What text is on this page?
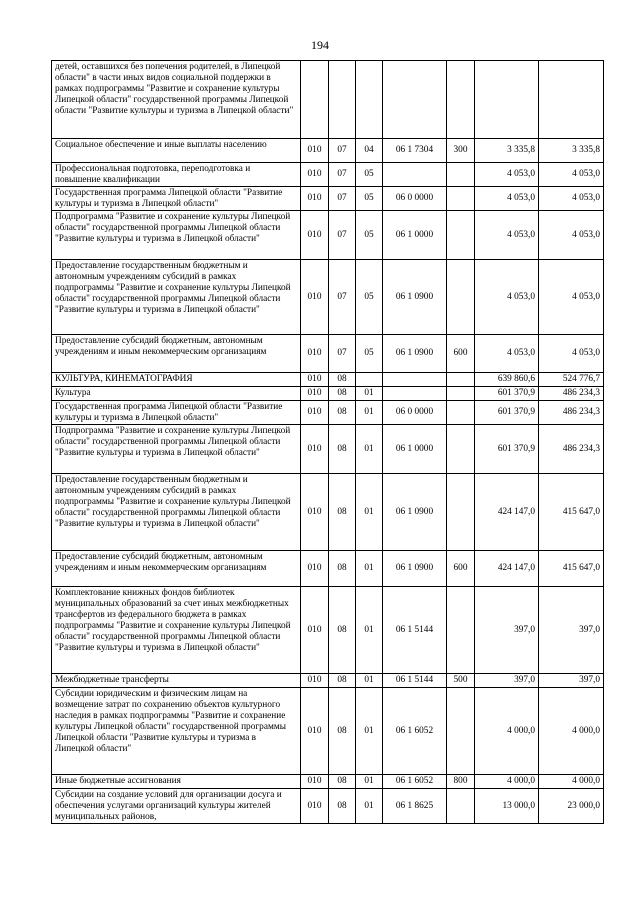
194
детей, оставшихся без попечения родителей, в Липецкой области" в части иных видов социальной поддержки в рамках подпрограммы "Развитие и сохранение культуры Липецкой области" государственной программы Липецкой области "Развитие культуры и туризма в Липецкой области"							
Социальное обеспечение и иные выплаты населению	010	07	04	06 1 7304	300	3 335,8	3 335,8
Профессиональная подготовка, переподготовка и повышение квалификации	010	07	05			4 053,0	4 053,0
Государственная программа Липецкой области "Развитие культуры и туризма в Липецкой области"	010	07	05	06 0 0000		4 053,0	4 053,0
Подпрограмма "Развитие и сохранение культуры Липецкой области" государственной программы Липецкой области "Развитие культуры и туризма в Липецкой области"	010	07	05	06 1 0000		4 053,0	4 053,0
Предоставление государственным бюджетным и автономным учреждениям субсидий в рамках подпрограммы "Развитие и сохранение культуры Липецкой области" государственной программы Липецкой области "Развитие культуры и туризма в Липецкой области"	010	07	05	06 1 0900		4 053,0	4 053,0
Предоставление субсидий бюджетным, автономным учреждениям и иным некоммерческим организациям	010	07	05	06 1 0900	600	4 053,0	4 053,0
КУЛЬТУРА, КИНЕМАТОГРАФИЯ	010	08				639 860,6	524 776,7
Культура	010	08	01			601 370,9	486 234,3
Государственная программа Липецкой области "Развитие культуры и туризма в Липецкой области"	010	08	01	06 0 0000		601 370,9	486 234,3
Подпрограмма "Развитие и сохранение культуры Липецкой области" государственной программы Липецкой области "Развитие культуры и туризма в Липецкой области"	010	08	01	06 1 0000		601 370,9	486 234,3
Предоставление государственным бюджетным и автономным учреждениям субсидий в рамках подпрограммы "Развитие и сохранение культуры Липецкой области" государственной программы Липецкой области "Развитие культуры и туризма в Липецкой области"	010	08	01	06 1 0900		424 147,0	415 647,0
Предоставление субсидий бюджетным, автономным учреждениям и иным некоммерческим организациям	010	08	01	06 1 0900	600	424 147,0	415 647,0
Комплектование книжных фондов библиотек муниципальных образований за счет иных межбюджетных трансфертов из федерального бюджета в рамках подпрограммы "Развитие и сохранение культуры Липецкой области" государственной программы Липецкой области "Развитие культуры и туризма в Липецкой области"	010	08	01	06 1 5144		397,0	397,0
Межбюджетные трансферты	010	08	01	06 1 5144	500	397,0	397,0
Субсидии юридическим и физическим лицам на возмещение затрат по сохранению объектов культурного наследия в рамках подпрограммы "Развитие и сохранение культуры Липецкой области" государственной программы Липецкой области "Развитие культуры и туризма в Липецкой области"	010	08	01	06 1 6052		4 000,0	4 000,0
Иные бюджетные ассигнования	010	08	01	06 1 6052	800	4 000,0	4 000,0
Субсидии на создание условий для организации досуга и обеспечения услугами организаций культуры жителей муниципальных районов,	010	08	01	06 1 8625		13 000,0	23 000,0
